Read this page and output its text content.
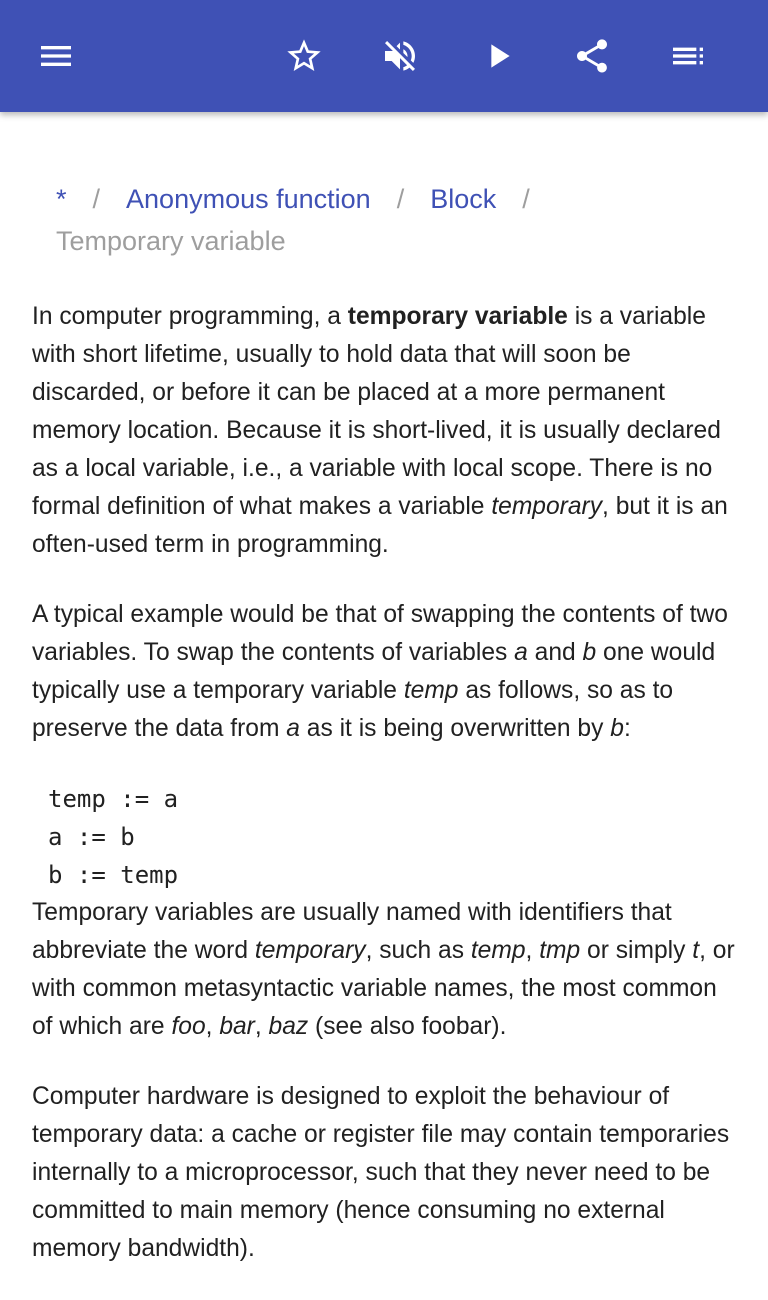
* / Anonymous function / Block /
Temporary variable

In computer programming, a temporary variable is a variable with short lifetime, usually to hold data that will soon be discarded, or before it can be placed at a more permanent memory location. Because it is short-lived, it is usually declared as a local variable, i.e., a variable with local scope. There is no formal definition of what makes a variable temporary, but it is an often-used term in programming.

A typical example would be that of swapping the contents of two variables. To swap the contents of variables a and b one would typically use a temporary variable temp as follows, so as to preserve the data from a as it is being overwritten by b:

temp := a
a := b
b := temp

Temporary variables are usually named with identifiers that abbreviate the word temporary, such as temp, tmp or simply t, or with common metasyntactic variable names, the most common of which are foo, bar, baz (see also foobar).

Computer hardware is designed to exploit the behaviour of temporary data: a cache or register file may contain temporaries internally to a microprocessor, such that they never need to be committed to main memory (hence consuming no external memory bandwidth).
